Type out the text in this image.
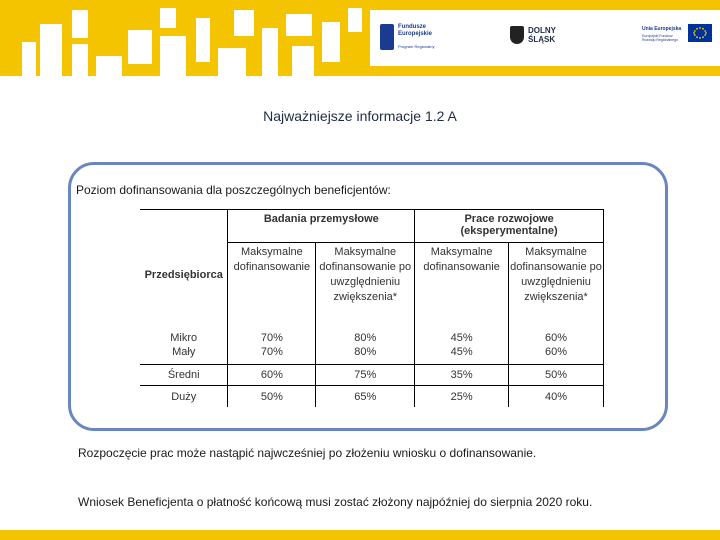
Fundusze
Europejskie
Program Regionalny
DOLNY
ŚLĄSK
Unia Europejska
Europejski Fundusz Rozwoju Regionalnego
Najważniejsze informacje 1.2 A
Poziom dofinansowania dla poszczególnych beneficjentów:
Przedsiębiorca	Badania przemysłowe		Prace rozwojowe (eksperymentalne)	
	Maksymalne dofinansowanie	Maksymalne dofinansowanie po uwzględnieniu zwiększenia*	Maksymalne dofinansowanie	Maksymalne dofinansowanie po uwzględnieniu zwiększenia*
Mikro	70%	80%	45%	60%
Mały	70%	80%	45%	60%
Średni	60%	75%	35%	50%
Duży	50%	65%	25%	40%
Rozpoczęcie prac może nastąpić najwcześniej po złożeniu wniosku o dofinansowanie.
Wniosek Beneficjenta o płatność końcową musi zostać złożony najpóźniej do sierpnia 2020 roku.
